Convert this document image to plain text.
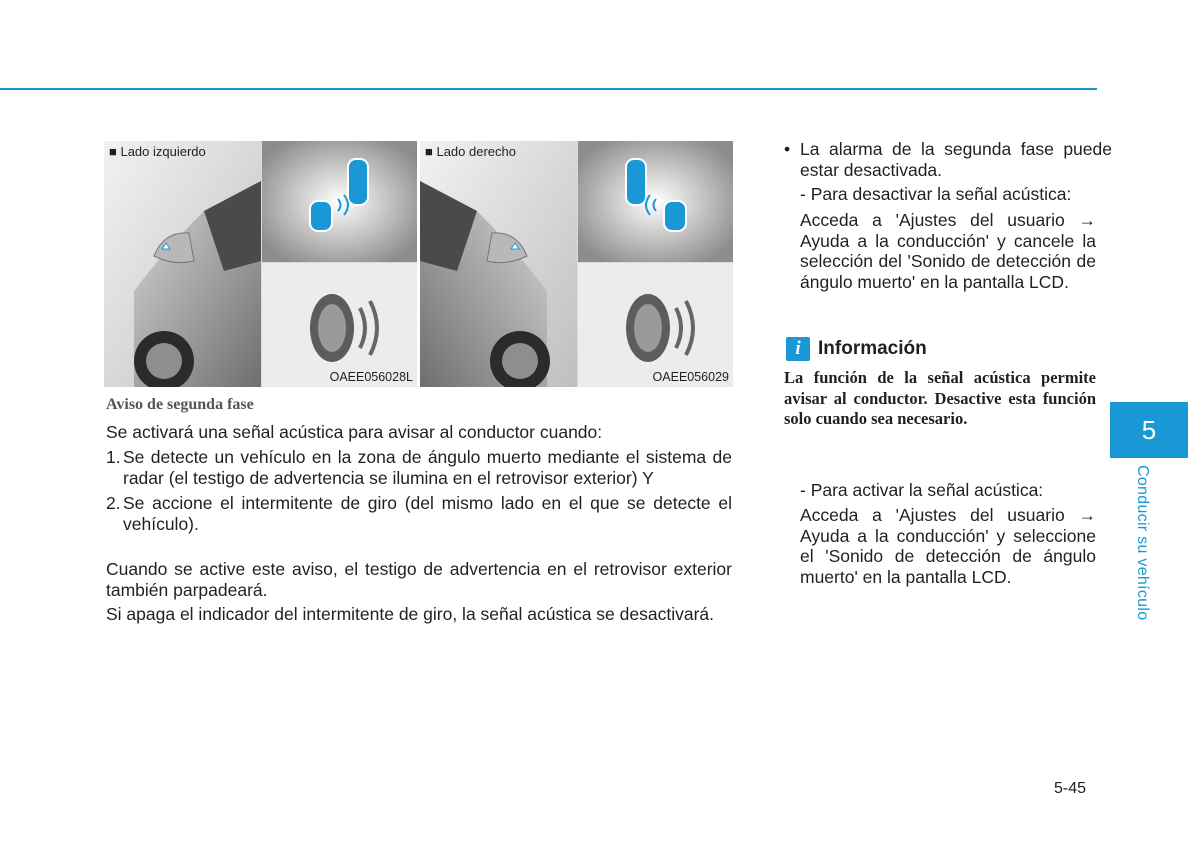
■ Lado izquierdo
OAEE056028L
■ Lado derecho
OAEE056029
Aviso de segunda fase
Se activará una señal acústica para avisar al conductor cuando:
1. Se detecte un vehículo en la zona de ángulo muerto mediante el sistema de radar (el testigo de advertencia se ilumina en el retrovisor exterior) Y
2. Se accione el intermitente de giro (del mismo lado en el que se detecte el vehículo).
Cuando se active este aviso, el testigo de advertencia en el retrovisor exterior también parpadeará.
Si apaga el indicador del intermitente de giro, la señal acústica se desactivará.
• La alarma de la segunda fase puede estar desactivada.
- Para desactivar la señal acústica:
Acceda a 'Ajustes del usuario → Ayuda a la conducción' y cancele la selección del 'Sonido de detección de ángulo muerto' en la pantalla LCD.
i Información
La función de la señal acústica permite avisar al conductor. Desactive esta función solo cuando sea necesario.
- Para activar la señal acústica:
Acceda a 'Ajustes del usuario → Ayuda a la conducción' y seleccione el 'Sonido de detección de ángulo muerto' en la pantalla LCD.
5
Conducir su vehículo
5-45
